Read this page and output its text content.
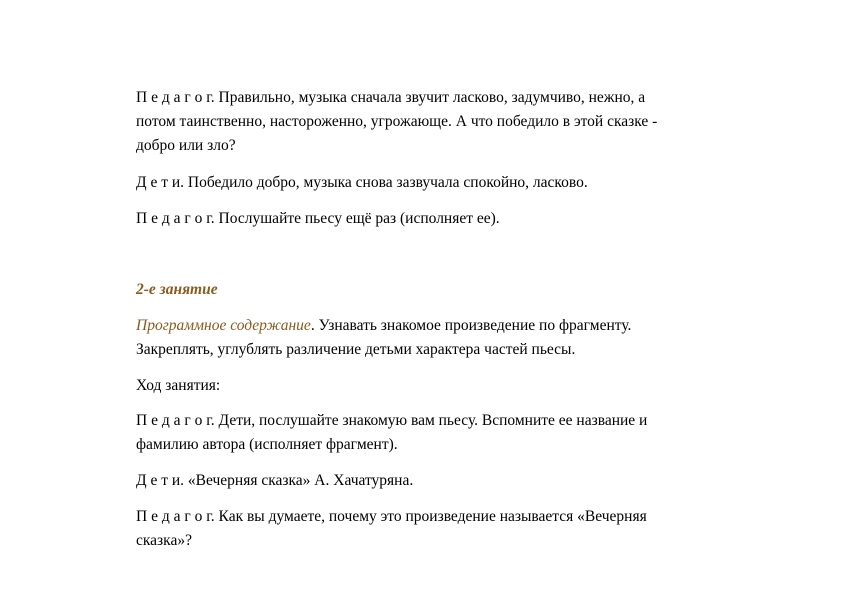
П е д а г о г. Правильно, музыка сначала звучит ласково, задумчиво, нежно, а
потом таинственно, настороженно, угрожающе. А что победило в этой сказке -
добро или зло?

Д е т и. Победило добро, музыка снова зазвучала спокойно, ласково.

П е д а г о г. Послушайте пьесу ещё раз (исполняет ее).

2-е занятие

Программное содержание. Узнавать знакомое произведение по фрагменту.
Закреплять, углублять различение детьми характера частей пьесы.

Ход занятия:

П е д а г о г. Дети, послушайте знакомую вам пьесу. Вспомните ее название и
фамилию автора (исполняет фрагмент).

Д е т и. «Вечерняя сказка» А. Хачатуряна.

П е д а г о г. Как вы думаете, почему это произведение называется «Вечерняя
сказка»?
